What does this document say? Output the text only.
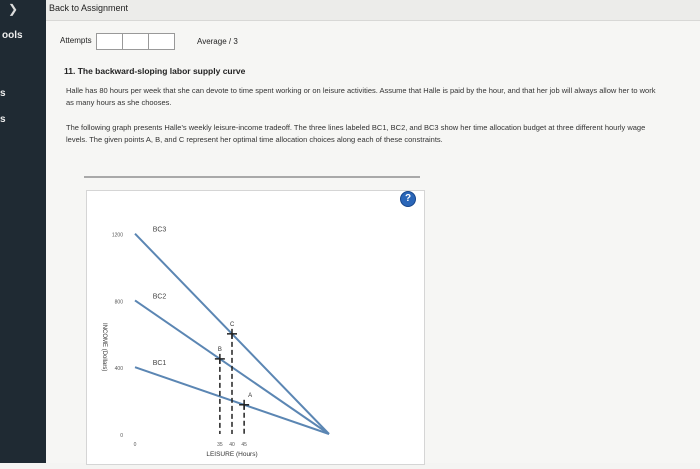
❯
ools
s
s
Back to Assignment
Attempts	Average / 3
11. The backward-sloping labor supply curve
Halle has 80 hours per week that she can devote to time spent working or on leisure activities. Assume that Halle is paid by the hour, and that her job will always allow her to work as many hours as she chooses.
The following graph presents Halle's weekly leisure-income tradeoff. The three lines labeled BC1, BC2, and BC3 show her time allocation budget at three different hourly wage levels. The given points A, B, and C represent her optimal time allocation choices along each of these constraints.
BC3
BC2
BC1
1200
800
400
0
0	35 40 45
LEISURE (Hours)
INCOME (Dollars)
A
B
C
?
